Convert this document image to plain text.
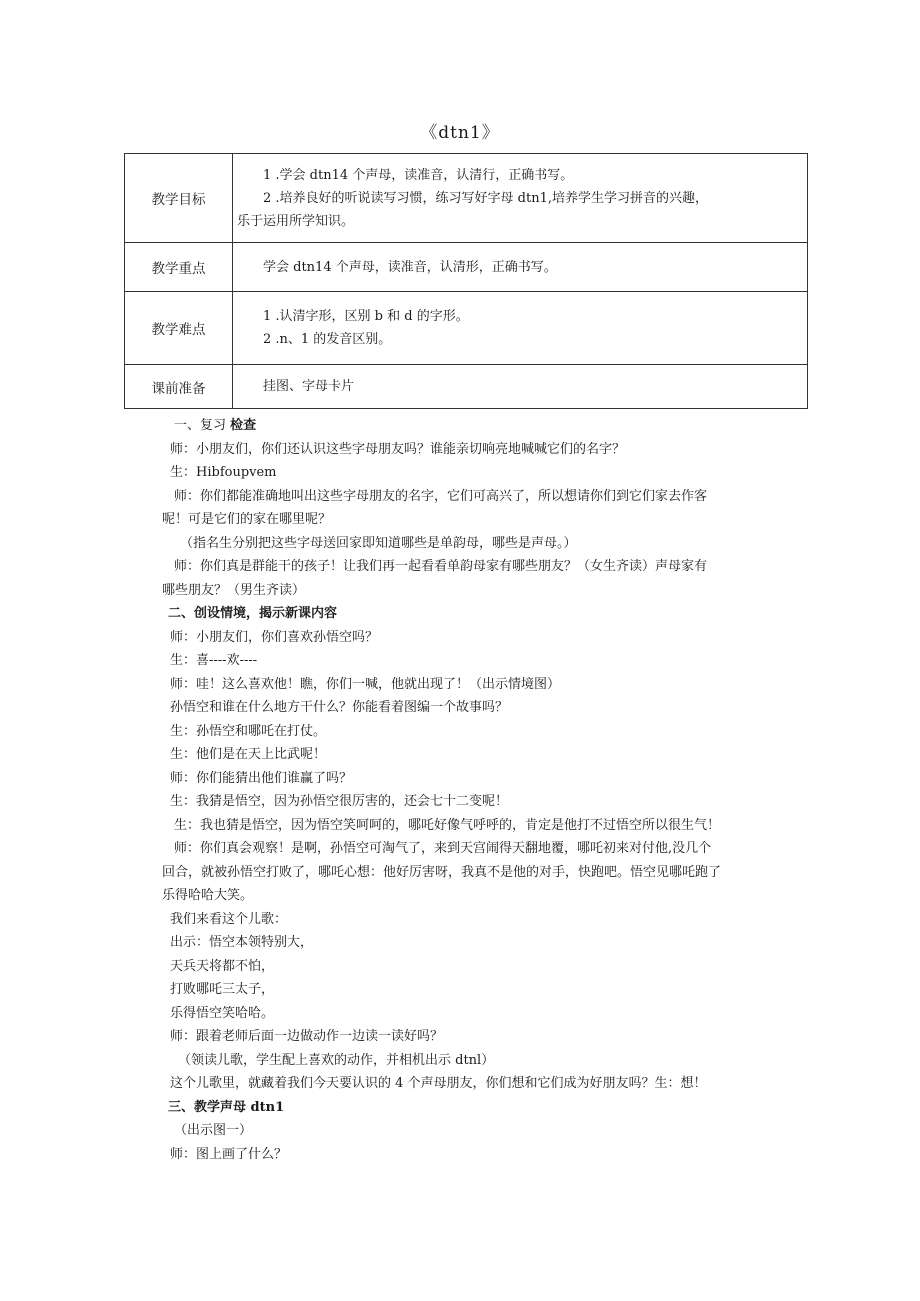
《dtn1》
教学目标	1 .学会 dtn14 个声母，读准音，认清行，正确书写。
2 .培养良好的听说读写习惯，练习写好字母 dtn1,培养学生学习拼音的兴趣，
乐于运用所学知识。

教学重点	学会 dtn14 个声母，读准音，认清形，正确书写。

教学难点	1 .认清字形，区别 b 和 d 的字形。
2 .n、1 的发音区别。

课前准备	挂图、字母卡片

一、复习 检查

师：小朋友们，你们还认识这些字母朋友吗？谁能亲切响亮地喊喊它们的名字？

生：Hibfoupvem

师：你们都能准确地叫出这些字母朋友的名字，它们可高兴了，所以想请你们到它们家去作客

呢！可是它们的家在哪里呢？

（指名生分别把这些字母送回家即知道哪些是单韵母，哪些是声母。）

师：你们真是群能干的孩子！让我们再一起看看单韵母家有哪些朋友？（女生齐读）声母家有

哪些朋友？（男生齐读）

二、创设情境，揭示新课内容

师：小朋友们，你们喜欢孙悟空吗？

生：喜----欢----

师：哇！这么喜欢他！瞧，你们一喊，他就出现了！（出示情境图）

孙悟空和谁在什么地方干什么？你能看着图编一个故事吗？

生：孙悟空和哪吒在打仗。

生：他们是在天上比武呢！

师：你们能猜出他们谁赢了吗？

生：我猜是悟空，因为孙悟空很厉害的，还会七十二变呢！

生：我也猜是悟空，因为悟空笑呵呵的，哪吒好像气呼呼的，肯定是他打不过悟空所以很生气！

师：你们真会观察！是啊，孙悟空可淘气了，来到天宫闹得天翻地覆，哪吒初来对付他,没几个

回合，就被孙悟空打败了，哪吒心想：他好厉害呀，我真不是他的对手，快跑吧。悟空见哪吒跑了

乐得哈哈大笑。

我们来看这个儿歌：

出示：悟空本领特别大，

天兵天将都不怕，

打败哪吒三太子，

乐得悟空笑哈哈。

师：跟着老师后面一边做动作一边读一读好吗？

（领读儿歌，学生配上喜欢的动作，并相机出示 dtnl）

这个儿歌里，就藏着我们今天要认识的 4 个声母朋友，你们想和它们成为好朋友吗？生：想！

三、教学声母 dtn1

（出示图一）

师：图上画了什么？
